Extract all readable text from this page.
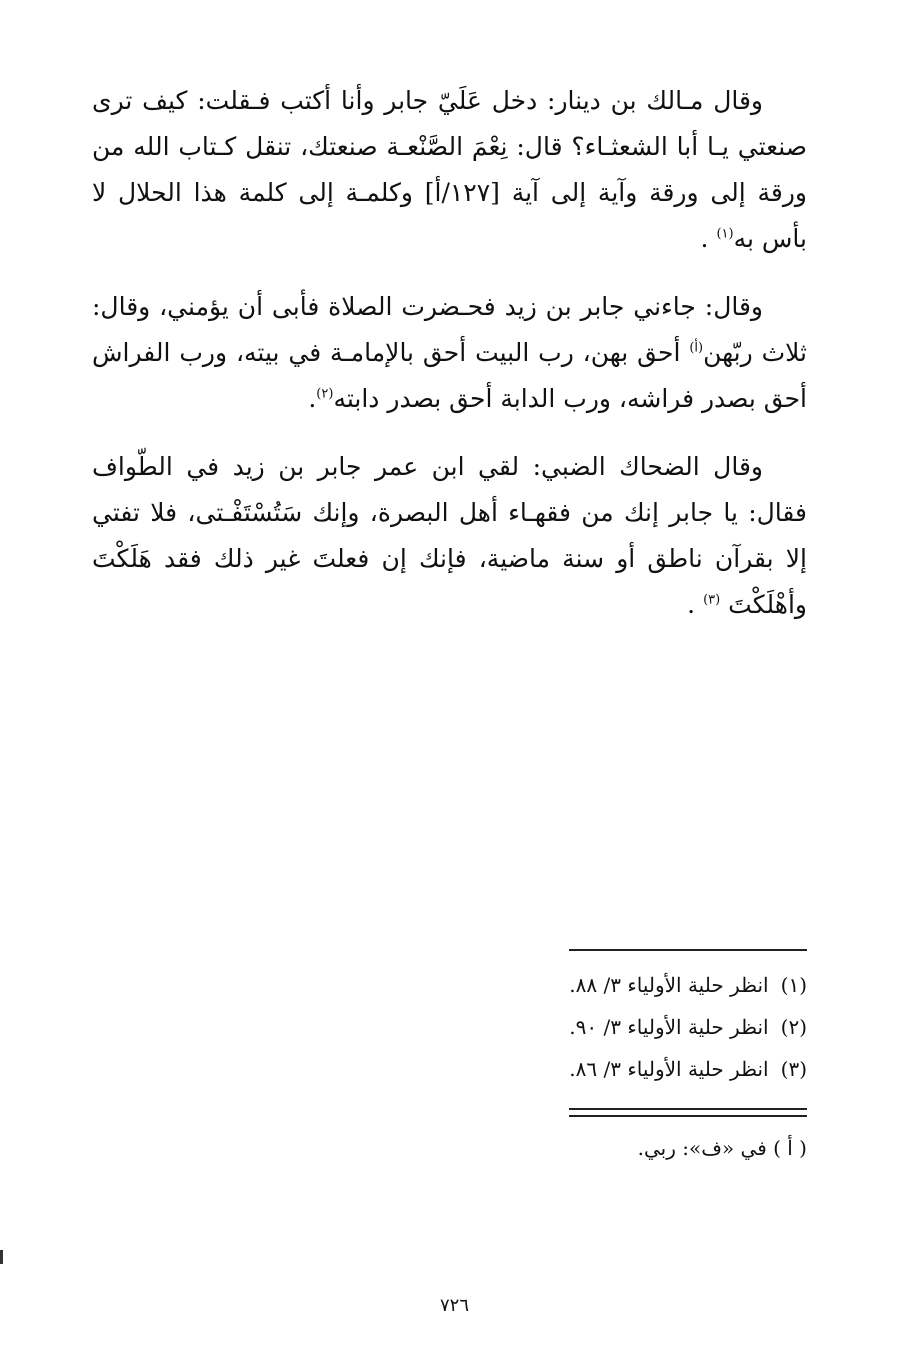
وقال مـالك بن دينار: دخل عَلَيّ جابر وأنا أكتب فـقلت: كيف ترى صنعتي يـا أبا الشعثـاء؟ قال: نِعْمَ الصَّنْعـة صنعتك، تنقل كـتاب الله من ورقة إلى ورقة وآية إلى آية [١٢٧/أ] وكلمـة إلى كلمة هذا الحلال لا بأس به$^{(١)}$ .

وقال: جاءني جابر بن زيد فحـضرت الصلاة فأبى أن يؤمني، وقال: ثلاث ربّهن$^{(أ)}$ أحق بهن، رب البيت أحق بالإمامـة في بيته، ورب الفراش أحق بصدر فراشه، ورب الدابة أحق بصدر دابته$^{(٢)}$.

وقال الضحاك الضبي: لقي ابن عمر جابر بن زيد في الطّواف فقال: يا جابر إنك من فقهـاء أهل البصرة، وإنك سَتُسْتَفْـتى، فلا تفتي إلا بقرآن ناطق أو سنة ماضية، فإنك إن فعلتَ غير ذلك فقد هَلَكْتَ وأهْلَكْتَ $^{(٣)}$ .

(١)انظر حلية الأولياء ٣/ ٨٨.
(٢)انظر حلية الأولياء ٣/ ٩٠.
(٣)انظر حلية الأولياء ٣/ ٨٦.
( أ ) في «ف»: ربي.
٧٢٦
